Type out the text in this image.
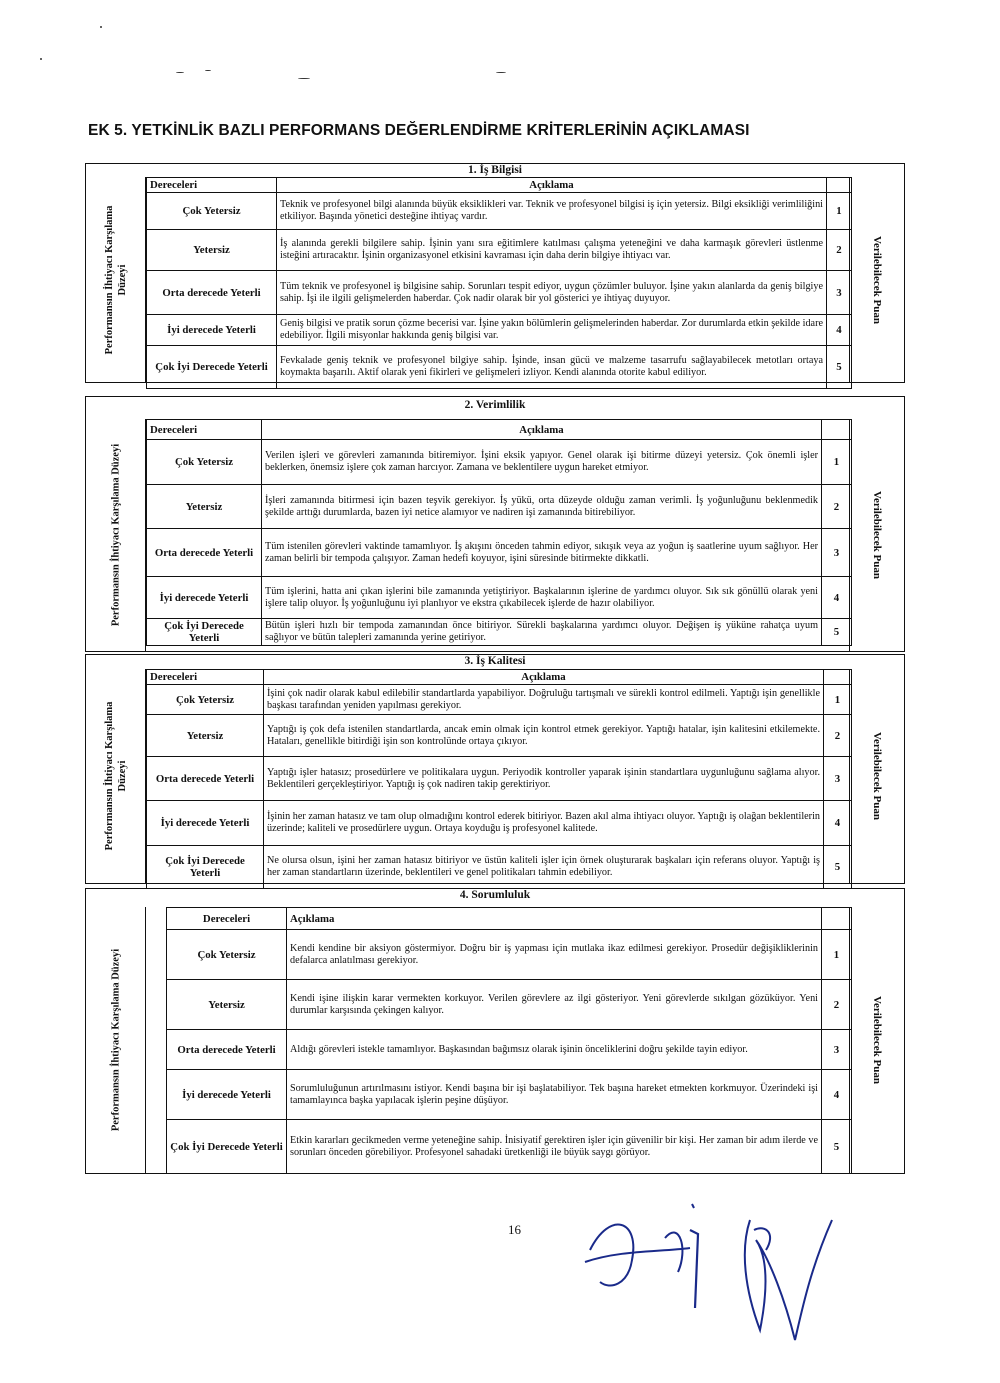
EK 5. YETKİNLİK BAZLI PERFORMANS DEĞERLENDİRME KRİTERLERİNİN AÇIKLAMASI
1. İş Bilgisi
Performansın İhtiyacı Karşılama Düzeyi	Verilebilecek Puan
Dereceleri	Açıklama	
Çok Yetersiz	Teknik ve profesyonel bilgi alanında büyük eksiklikleri var. Teknik ve profesyonel bilgisi iş için yetersiz. Bilgi eksikliği verimliliğini etkiliyor. Başında yönetici desteğine ihtiyaç vardır.	1
Yetersiz	İş alanında gerekli bilgilere sahip. İşinin yanı sıra eğitimlere katılması çalışma yeteneğini ve daha karmaşık görevleri üstlenme isteğini artıracaktır. İşinin organizasyonel etkisini kavraması için daha derin bilgiye ihtiyacı var.	2
Orta derecede Yeterli	Tüm teknik ve profesyonel iş bilgisine sahip. Sorunları tespit ediyor, uygun çözümler buluyor. İşine yakın alanlarda da geniş bilgiye sahip. İşi ile ilgili gelişmelerden haberdar. Çok nadir olarak bir yol gösterici ye ihtiyaç duyuyor.	3
İyi derecede Yeterli	Geniş bilgisi ve pratik sorun çözme becerisi var. İşine yakın bölümlerin gelişmelerinden haberdar. Zor durumlarda etkin şekilde idare edebiliyor. İlgili misyonlar hakkında geniş bilgisi var.	4
Çok İyi Derecede Yeterli	Fevkalade geniş teknik ve profesyonel bilgiye sahip. İşinde, insan gücü ve malzeme tasarrufu sağlayabilecek metotları ortaya koymakta başarılı. Aktif olarak yeni fikirleri ve gelişmeleri izliyor. Kendi alanında otorite kabul ediliyor.	5
2. Verimlilik
Performansın İhtiyacı Karşılama Düzeyi	Verilebilecek Puan
Dereceleri	Açıklama	
Çok Yetersiz	Verilen işleri ve görevleri zamanında bitiremiyor. İşini eksik yapıyor. Genel olarak işi bitirme düzeyi yetersiz. Çok önemli işler beklerken, önemsiz işlere çok zaman harcıyor. Zamana ve beklentilere uygun hareket etmiyor.	1
Yetersiz	İşleri zamanında bitirmesi için bazen teşvik gerekiyor. İş yükü, orta düzeyde olduğu zaman verimli. İş yoğunluğunu beklenmedik şekilde arttığı durumlarda, bazen iyi netice alamıyor ve nadiren işi zamanında bitirebiliyor.	2
Orta derecede Yeterli	Tüm istenilen görevleri vaktinde tamamlıyor. İş akışını önceden tahmin ediyor, sıkışık veya az yoğun iş saatlerine uyum sağlıyor. Her zaman belirli bir tempoda çalışıyor. Zaman hedefi koyuyor, işini süresinde bitirmekte dikkatli.	3
İyi derecede Yeterli	Tüm işlerini, hatta ani çıkan işlerini bile zamanında yetiştiriyor. Başkalarının işlerine de yardımcı oluyor. Sık sık gönüllü olarak yeni işlere talip oluyor. İş yoğunluğunu iyi planlıyor ve ekstra çıkabilecek işlerde de hazır olabiliyor.	4
Çok İyi Derecede Yeterli	Bütün işleri hızlı bir tempoda zamanından önce bitiriyor. Sürekli başkalarına yardımcı oluyor. Değişen iş yüküne rahatça uyum sağlıyor ve bütün talepleri zamanında yerine getiriyor.	5
3. İş Kalitesi
Performansın İhtiyacı Karşılama Düzeyi	Verilebilecek Puan
Dereceleri	Açıklama	
Çok Yetersiz	İşini çok nadir olarak kabul edilebilir standartlarda yapabiliyor. Doğruluğu tartışmalı ve sürekli kontrol edilmeli. Yaptığı işin genellikle başkası tarafından yeniden yapılması gerekiyor.	1
Yetersiz	Yaptığı iş çok defa istenilen standartlarda, ancak emin olmak için kontrol etmek gerekiyor. Yaptığı hatalar, işin kalitesini etkilemekte. Hataları, genellikle bitirdiği işin son kontrolünde ortaya çıkıyor.	2
Orta derecede Yeterli	Yaptığı işler hatasız; prosedürlere ve politikalara uygun. Periyodik kontroller yaparak işinin standartlara uygunluğunu sağlama alıyor. Beklentileri gerçekleştiriyor. Yaptığı iş çok nadiren takip gerektiriyor.	3
İyi derecede Yeterli	İşinin her zaman hatasız ve tam olup olmadığını kontrol ederek bitiriyor. Bazen akıl alma ihtiyacı oluyor. Yaptığı iş olağan beklentilerin üzerinde; kaliteli ve prosedürlere uygun. Ortaya koyduğu iş profesyonel kalitede.	4
Çok İyi Derecede Yeterli	Ne olursa olsun, işini her zaman hatasız bitiriyor ve üstün kaliteli işler için örnek oluşturarak başkaları için referans oluyor. Yaptığı iş her zaman standartların üzerinde, beklentileri ve genel politikaları tahmin edebiliyor.	5
4. Sorumluluk
Performansın İhtiyacı Karşılama Düzeyi	Verilebilecek Puan
Dereceleri	Açıklama	
Çok Yetersiz	Kendi kendine bir aksiyon göstermiyor. Doğru bir iş yapması için mutlaka ikaz edilmesi gerekiyor. Prosedür değişikliklerinin defalarca anlatılması gerekiyor.	1
Yetersiz	Kendi işine ilişkin karar vermekten korkuyor. Verilen görevlere az ilgi gösteriyor. Yeni görevlerde sıkılgan gözüküyor. Yeni durumlar karşısında çekingen kalıyor.	2
Orta derecede Yeterli	Aldığı görevleri istekle tamamlıyor. Başkasından bağımsız olarak işinin önceliklerini doğru şekilde tayin ediyor.	3
İyi derecede Yeterli	Sorumluluğunun artırılmasını istiyor. Kendi başına bir işi başlatabiliyor. Tek başına hareket etmekten korkmuyor. Üzerindeki işi tamamlayınca başka yapılacak işlerin peşine düşüyor.	4
Çok İyi Derecede Yeterli	Etkin kararları gecikmeden verme yeteneğine sahip. İnisiyatif gerektiren işler için güvenilir bir kişi. Her zaman bir adım ilerde ve sorunları önceden görebiliyor. Profesyonel sahadaki üretkenliği ile büyük saygı görüyor.	5
16
